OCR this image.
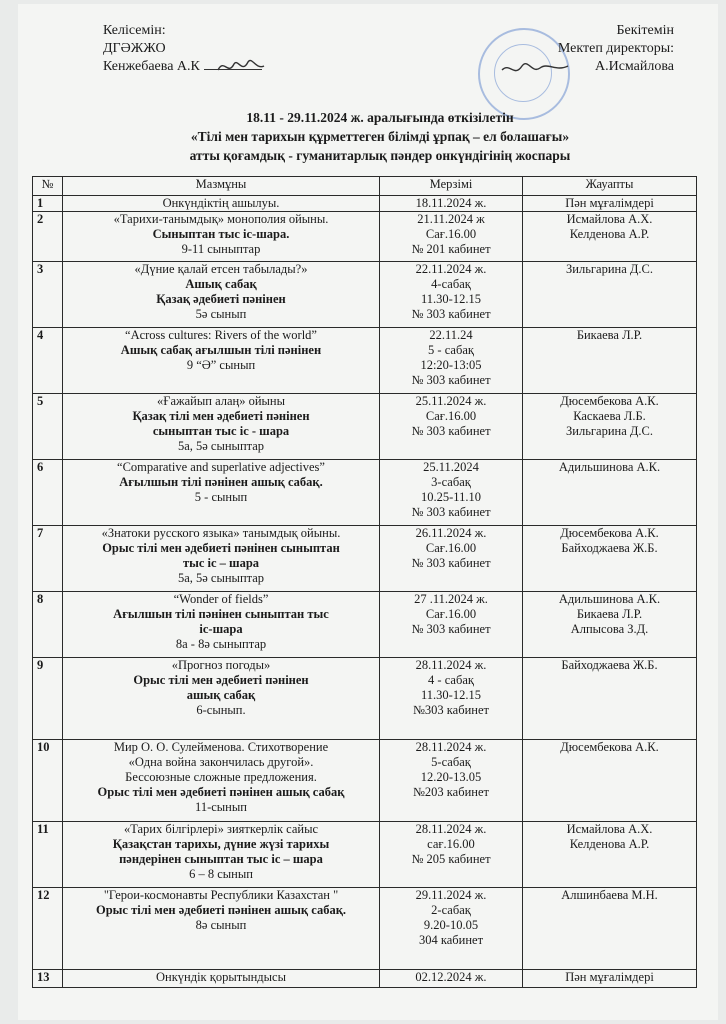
Келісемін:
ДГӘЖЖО
Кенжебаева А.К
Бекітемін
Мектеп директоры:
А.Исмайлова
18.11 - 29.11.2024 ж. аралығында өткізілетін
«Тілі мен тарихын құрметтеген білімді ұрпақ – ел болашағы»
атты қоғамдық - гуманитарлық пәндер онкүндігінің жоспары
№	Мазмұны	Мерзімі	Жауапты
1	Онкүндіктің ашылуы.	18.11.2024 ж.	Пән мұғалімдері

2	«Тарихи-танымдық» монополия ойыны.
Сыныптан тыс іс-шара.
9-11 сыныптар	21.11.2024 ж
Сағ.16.00
№ 201 кабинет	Исмайлова А.Х.
Келденова А.Р.

3	«Дүние қалай етсен табылады?»
Ашық сабақ
Қазақ әдебиеті пәнінен
5ә сынып	22.11.2024 ж.
4-сабақ
11.30-12.15
№ 303 кабинет	Зильгарина Д.С.

4	“Across cultures: Rivers of the world”
Ашық сабақ ағылшын тілі пәнінен
9 “Ә” сынып	22.11.24
5 - сабақ
12:20-13:05
№ 303 кабинет	Бикаева Л.Р.

5	«Ғажайып алаң» ойыны
Қазақ тілі мен әдебиеті пәнінен
сыныптан тыс іс - шара
5а, 5ә сыныптар	25.11.2024 ж.
Сағ.16.00
№ 303 кабинет	Дюсембекова А.К.
Каскаева Л.Б.
Зильгарина Д.С.

6	“Comparative and superlative adjectives”
Ағылшын тілі пәнінен ашық сабақ.
5 - сынып	25.11.2024
3-сабақ
10.25-11.10
№ 303 кабинет	Адильшинова А.К.

7	«Знатоки русского языка» танымдық ойыны.
Орыс тілі мен әдебиеті пәнінен сыныптан
тыс іс – шара
5а, 5ә сыныптар	26.11.2024 ж.
Сағ.16.00
№ 303 кабинет	Дюсембекова А.К.
Байходжаева Ж.Б.

8	“Wonder of fields”
Ағылшын тілі пәнінен сыныптан тыс
іс-шара
8а - 8ә сыныптар	27 .11.2024 ж.
Сағ.16.00
№ 303 кабинет	Адильшинова А.К.
Бикаева Л.Р.
Алпысова З.Д.

9	«Прогноз погоды»
Орыс тілі мен әдебиеті пәнінен
ашық сабақ
6-сынып.	28.11.2024 ж.
4 - сабақ
11.30-12.15
№303 кабинет	Байходжаева Ж.Б.

10	Мир О. О. Сулейменова. Стихотворение
«Одна война закончилась другой».
Бессоюзные сложные предложения.
Орыс тілі мен әдебиеті пәнінен ашық сабақ
11-сынып	28.11.2024 ж.
5-сабақ
12.20-13.05
№203 кабинет	Дюсембекова А.К.

11	«Тарих білгірлері» зияткерлік сайыс
Қазақстан тарихы, дүние жүзі тарихы
пәндерінен сыныптан тыс іс – шара
6 – 8 сынып	28.11.2024 ж.
сағ.16.00
№ 205 кабинет	Исмайлова А.Х.
Келденова А.Р.

12	"Герои-космонавты Республики Казахстан "
Орыс тілі мен әдебиеті пәнінен ашық сабақ.
8ә сынып	29.11.2024 ж.
2-сабақ
9.20-10.05
304 кабинет	Алшинбаева М.Н.

13	Онкүндік қорытындысы	02.12.2024 ж.	Пән мұғалімдері
